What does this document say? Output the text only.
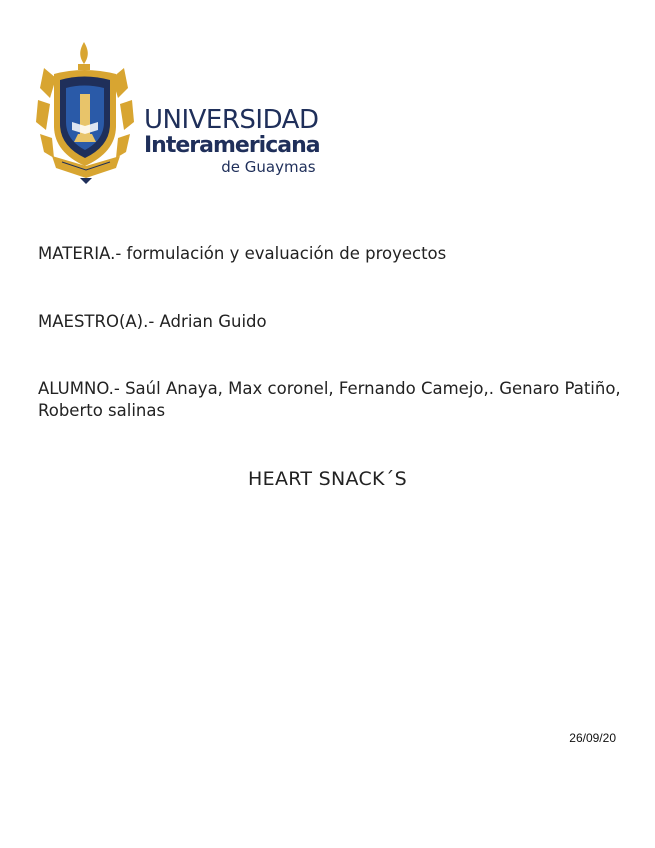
UNIVERSIDAD
Interamericana
de Guaymas
MATERIA.- formulación y evaluación de proyectos
MAESTRO(A).- Adrian Guido
ALUMNO.- Saúl Anaya, Max coronel, Fernando Camejo,. Genaro Patiño, Roberto salinas
HEART SNACK´S
26/09/20
